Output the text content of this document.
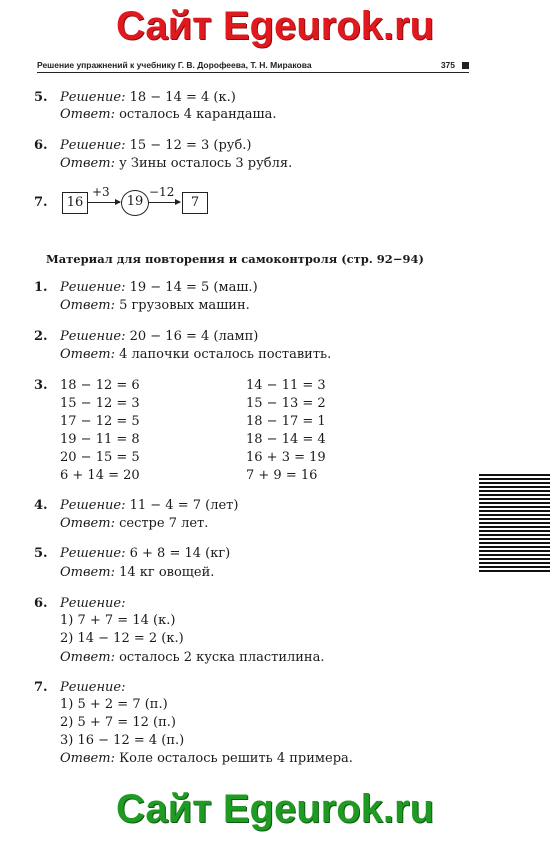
Сайт Egeurok.ru
Решение упражнений к учебнику Г. В. Дорофеева, Т. Н. Миракова	375
5. Решение: 18 − 14 = 4 (к.)
Ответ: осталось 4 карандаша.
6. Решение: 15 − 12 = 3 (руб.)
Ответ: у Зины осталось 3 рубля.
7.	16
+3
19
−12
7
Материал для повторения и самоконтроля (стр. 92−94)
1. Решение: 19 − 14 = 5 (маш.)
Ответ: 5 грузовых машин.
2. Решение: 20 − 16 = 4 (ламп)
Ответ: 4 лапочки осталось поставить.
3. 18 − 12 = 6
15 − 12 = 3
17 − 12 = 5
19 − 11 = 8
20 − 15 = 5
6 + 14 = 20
14 − 11 = 3
15 − 13 = 2
18 − 17 = 1
18 − 14 = 4
16 + 3 = 19
7 + 9 = 16
4. Решение: 11 − 4 = 7 (лет)
Ответ: сестре 7 лет.
5. Решение: 6 + 8 = 14 (кг)
Ответ: 14 кг овощей.
6. Решение:
1) 7 + 7 = 14 (к.)
2) 14 − 12 = 2 (к.)
Ответ: осталось 2 куска пластилина.
7. Решение:
1) 5 + 2 = 7 (п.)
2) 5 + 7 = 12 (п.)
3) 16 − 12 = 4 (п.)
Ответ: Коле осталось решить 4 примера.
Сайт Egeurok.ru
